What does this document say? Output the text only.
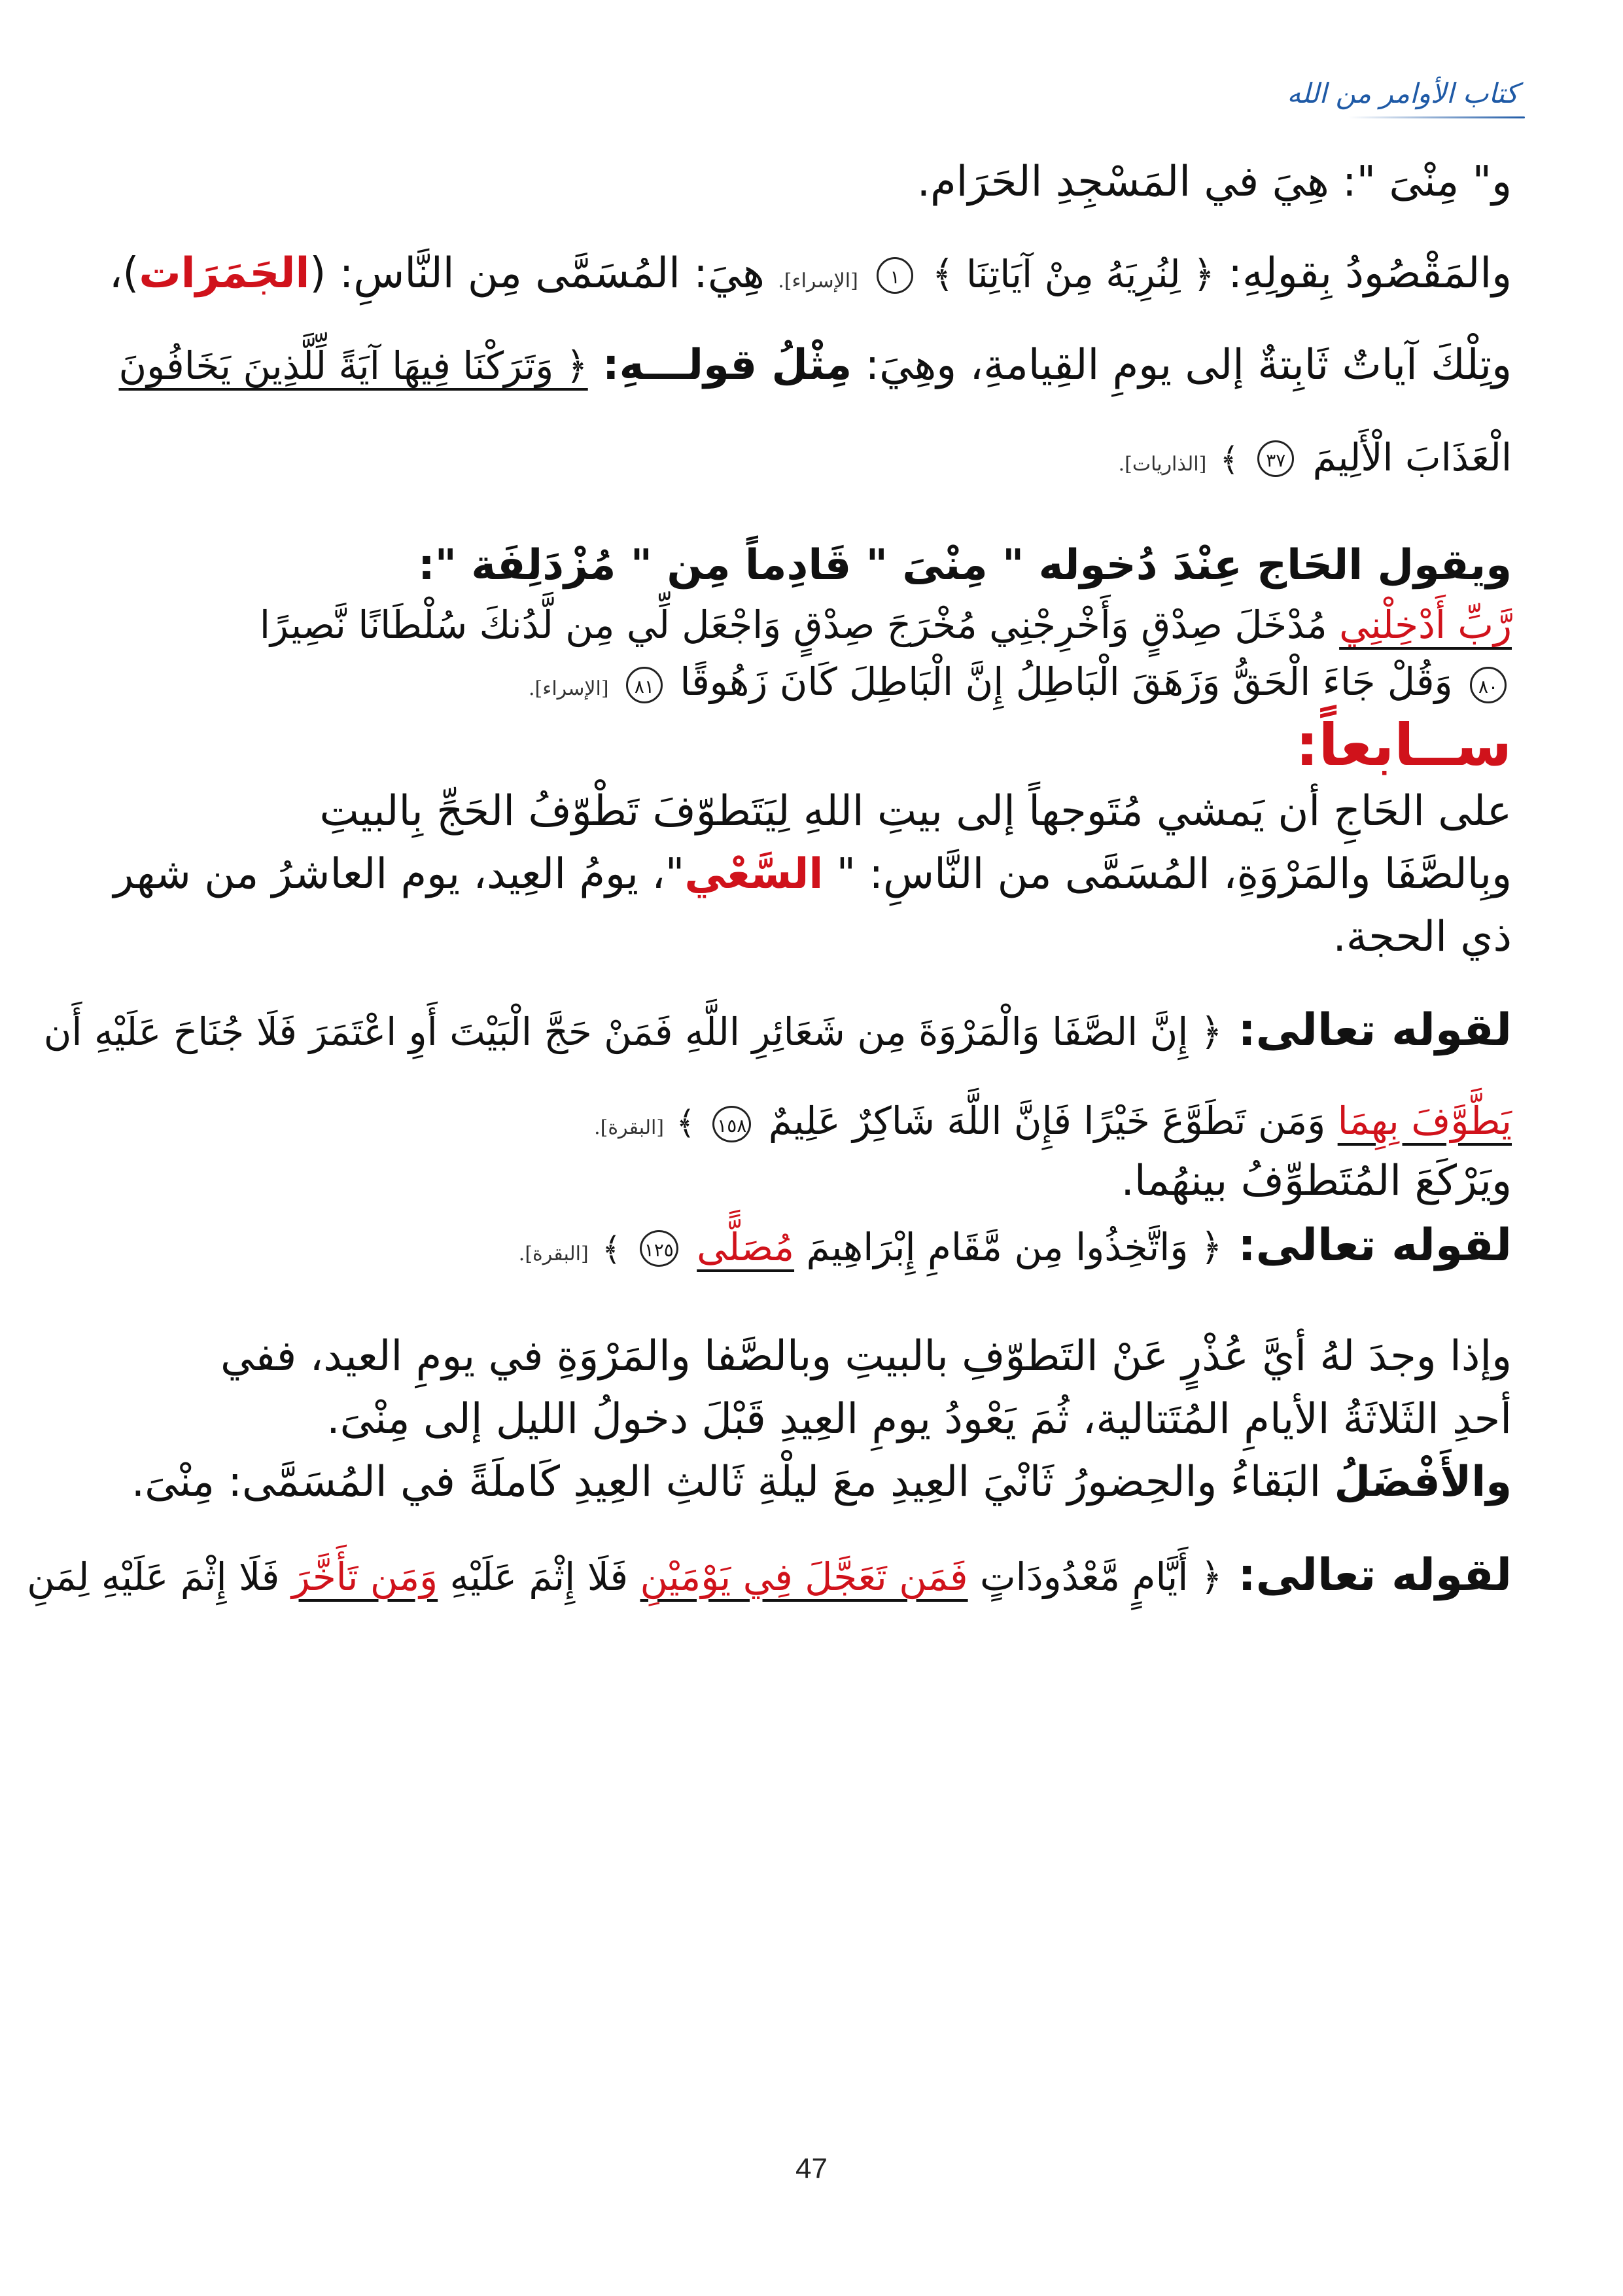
كتاب الأوامر من الله

و" مِنْىَ ": هِيَ في المَسْجِدِ الحَرَام.

والمَقْصُودُ بِقولِهِ: ﴿ لِنُرِيَهُ مِنْ آيَاتِنَا ﴾ ١ [الإسراء]. هِيَ: المُسَمَّى مِن النَّاسِ: (الجَمَرَات)،

وتِلْكَ آياتٌ ثَابِتةٌ إلى يومِ القِيامةِ، وهِيَ: مِثْلُ قولـــهِ: ﴿ وَتَرَكْنَا فِيهَا آيَةً لِّلَّذِينَ يَخَافُونَ

الْعَذَابَ الْأَلِيمَ ٣٧ ﴾ [الذاريات].

ويقول الحَاج عِنْدَ دُخوله " مِنْىَ " قَادِماً مِن " مُزْدَلِفَة ":

رَّبِّ أَدْخِلْنِي مُدْخَلَ صِدْقٍ وَأَخْرِجْنِي مُخْرَجَ صِدْقٍ وَاجْعَل لِّي مِن لَّدُنكَ سُلْطَانًا نَّصِيرًا

٨٠ وَقُلْ جَاءَ الْحَقُّ وَزَهَقَ الْبَاطِلُ إِنَّ الْبَاطِلَ كَانَ زَهُوقًا ٨١ [الإسراء].

ســابعاً:

على الحَاجِ أن يَمشي مُتَوجهاً إلى بيتِ اللهِ لِيَتَطوّفَ تَطْوّفُ الحَجِّ بِالبيتِ

وبِالصَّفَا والمَرْوَةِ، المُسَمَّى من النَّاسِ: " السَّعْي"، يومُ العِيد، يوم العاشرُ من شهر

ذي الحجة.

لقوله تعالى: ﴿ إِنَّ الصَّفَا وَالْمَرْوَةَ مِن شَعَائِرِ اللَّهِ فَمَنْ حَجَّ الْبَيْتَ أَوِ اعْتَمَرَ فَلَا جُنَاحَ عَلَيْهِ أَن

يَطَّوَّفَ بِهِمَا وَمَن تَطَوَّعَ خَيْرًا فَإِنَّ اللَّهَ شَاكِرٌ عَلِيمٌ ١٥٨ ﴾ [البقرة].

ويَرْكَعَ المُتَطوِّفُ بينهُما.

لقوله تعالى: ﴿ وَاتَّخِذُوا مِن مَّقَامِ إِبْرَاهِيمَ مُصَلًّى ١٢٥ ﴾ [البقرة].

وإذا وجدَ لهُ أيَّ عُذْرٍ عَنْ التَطوّفِ بالبيتِ وبالصَّفا والمَرْوَةِ في يومِ العيد، ففي

أحدِ الثَلاثَةُ الأيامِ المُتَتالية، ثُمَ يَعْودُ يومِ العِيدِ قَبْلَ دخولُ الليل إلى مِنْىَ.

والأَفْضَلُ البَقاءُ والحِضورُ ثَانْيَ العِيدِ معَ ليلْةِ ثَالثِ العِيدِ كَاملَةً في المُسَمَّى: مِنْىَ.

لقوله تعالى: ﴿ أَيَّامٍ مَّعْدُودَاتٍ فَمَن تَعَجَّلَ فِي يَوْمَيْنِ فَلَا إِثْمَ عَلَيْهِ وَمَن تَأَخَّرَ فَلَا إِثْمَ عَلَيْهِ لِمَنِ

47
